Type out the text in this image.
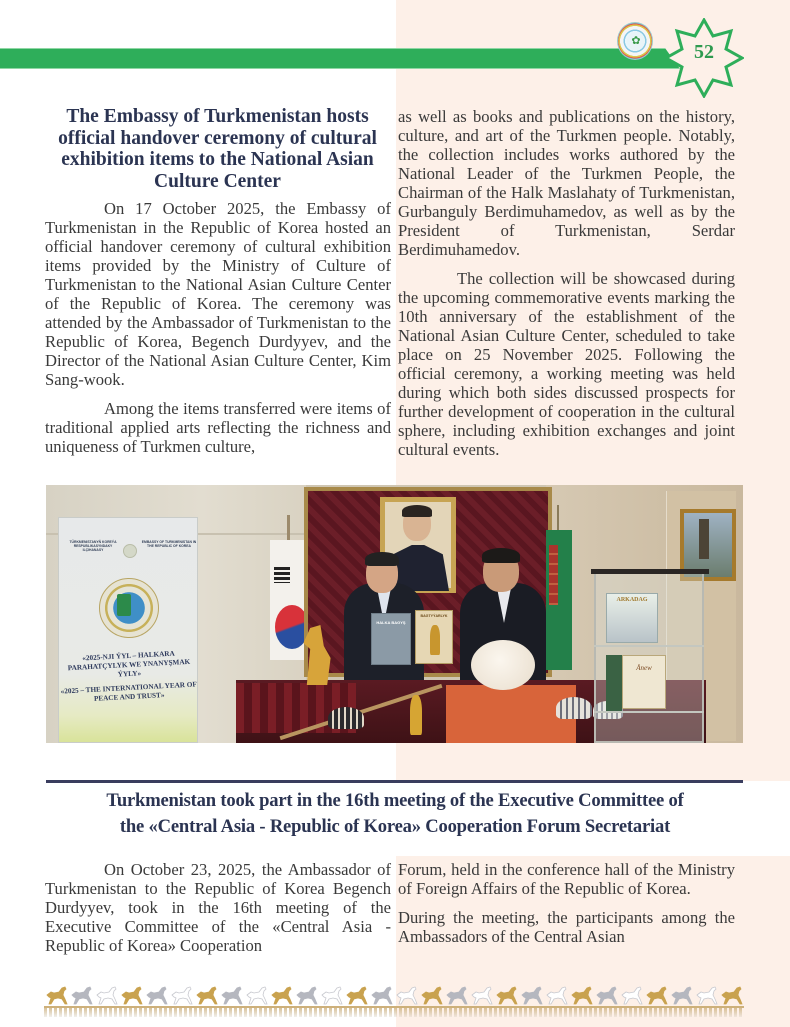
✿
52
The Embassy of Turkmenistan hosts official handover ceremony of cultural exhibition items to the National Asian Culture Center

On 17 October 2025, the Embassy of Turkmenistan in the Republic of Korea hosted an official handover ceremony of cultural exhibition items provided by the Ministry of Culture of Turkmenistan to the National Asian Culture Center of the Republic of Korea. The ceremony was attended by the Ambassador of Turkmenistan to the Republic of Korea, Begench Durdyyev, and the Director of the National Asian Culture Center, Kim Sang-wook.

Among the items transferred were items of traditional applied arts reflecting the richness and uniqueness of Turkmen culture,

as well as books and publications on the history, culture, and art of the Turkmen people. Notably, the collection includes works authored by the National Leader of the Turkmen People, the Chairman of the Halk Maslahaty of Turkmenistan, Gurbanguly Berdimuhamedov, as well as by the President of Turkmenistan, Serdar Berdimuhamedov.

The collection will be showcased during the upcoming commemorative events marking the 10th anniversary of the establishment of the National Asian Culture Center, scheduled to take place on 25 November 2025. Following the official ceremony, a working meeting was held during which both sides discussed prospects for further development of cooperation in the cultural sphere, including exhibition exchanges and joint cultural events.

TÜRKMENISTANYŇ KOREÝA RESPUBLIKASYNDAKY ILÇIHANASY
EMBASSY OF TURKMENISTAN IN THE REPUBLIC OF KOREA
«2025-NJI ÝYL – HALKARA PARAHATÇYLYK WE YNANYŞMAK ÝYLY»
«2025 – THE INTERNATIONAL YEAR OF PEACE AND TRUST»
HALKA BAGYŞ
BAGTYÝARLYK
ARKADAG
Änew
Turkmenistan took part in the 16th meeting of the Executive Committee of
the «Central Asia - Republic of Korea» Cooperation Forum Secretariat

On October 23, 2025, the Ambassador of Turkmenistan to the Republic of Korea Begench Durdyyev, took in the 16th meeting of the Executive Committee of the «Central Asia - Republic of Korea» Cooperation

Forum, held in the conference hall of the Ministry of Foreign Affairs of the Republic of Korea.

During the meeting, the participants among the Ambassadors of the Central Asian
